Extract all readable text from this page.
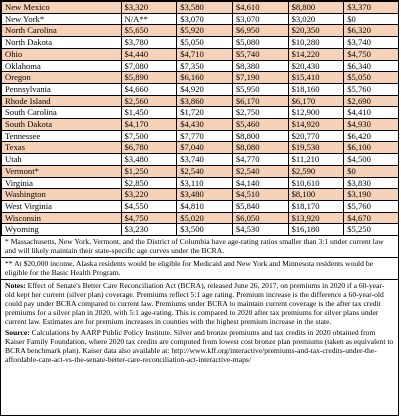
New Mexico	$3,320	$3,580	$4,610	$8,800	$3,370
New York*	N/A**	$3,070	$3,070	$3,020	$0
North Carolina	$5,650	$5,920	$6,950	$20,350	$6,320
North Dakota	$3,780	$5,050	$5,080	$10,280	$3,740
Ohio	$4,440	$4,710	$5,740	$14,220	$4,750
Oklahoma	$7,080	$7,350	$8,380	$20,430	$6,340
Oregon	$5,890	$6,160	$7,190	$15,410	$5,050
Pennsylvania	$4,660	$4,920	$5,950	$18,160	$5,760
Rhode Island	$2,560	$3,860	$6,170	$6,170	$2,690
South Carolina	$1,450	$1,720	$2,750	$12,900	$4,410
South Dakota	$4,170	$4,430	$5,460	$14,920	$4,930
Tennessee	$7,500	$7,770	$8,800	$20,770	$6,420
Texas	$6,780	$7,040	$8,080	$19,530	$6,100
Utah	$3,480	$3,740	$4,770	$11,210	$4,500
Vermont*	$1,250	$2,540	$2,540	$2,590	$0
Virginia	$2,850	$3,110	$4,140	$10,610	$3,830
Washington	$3,220	$3,480	$4,510	$8,100	$3,190
West Virginia	$4,550	$4,810	$5,840	$18,170	$5,760
Wisconsin	$4,750	$5,020	$6,050	$13,920	$4,670
Wyoming	$3,230	$3,500	$4,530	$16,180	$5,250
* Massachusetts, New York, Vermont, and the District of Columbia have age-rating ratios smaller than 3:1 under current law and will likely maintain their state-specific age curves under the BCRA.
** At $20,000 income, Alaska residents would be eligible for Medicaid and New York and Minnesota residents would be eligible for the Basic Health Program.
Notes: Effect of Senate's Better Care Reconciliation Act (BCRA), released June 26, 2017, on premiums in 2020 if a 60-year-old kept her current (silver plan) coverage. Premiums reflect 5:1 age rating. Premium increase is the difference a 60-year-old could pay under BCRA compared to current law. Premiums under BCRA to maintain current coverage is the after tax credit premiums for a silver plan in 2020, with 5:1 age-rating. This is compared to 2020 after tax premiums for silver plans under current law. Estimates are for premium increases in counties with the highest premium increase in the state.
Source: Calculations by AARP Public Policy Institute. Silver and bronze premiums and tax credits in 2020 obtained from Kaiser Family Foundation, where 2020 tax credits are computed from lowest cost bronze plan premiums (taken as equivalent to BCRA benchmark plan). Kaiser data also available at: http://www.kff.org/interactive/premiums-and-tax-credits-under-the-affordable-care-act-vs-the-senate-better-care-reconciliation-act-interactive-maps/
